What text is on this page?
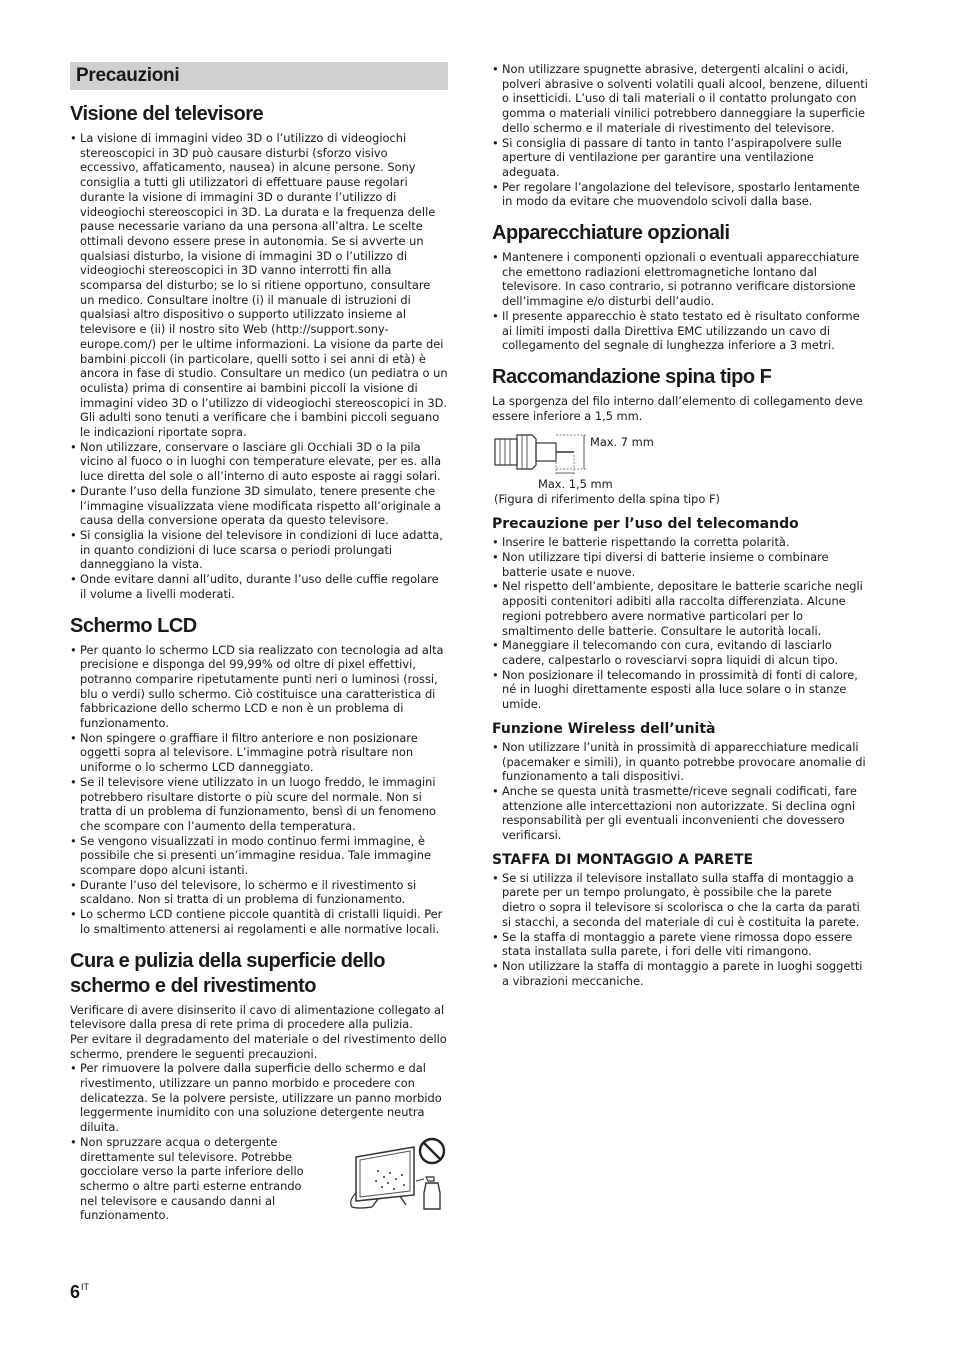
Precauzioni
Visione del televisore
• La visione di immagini video 3D o l’utilizzo di videogiochi stereoscopici in 3D può causare disturbi (sforzo visivo eccessivo, affaticamento, nausea) in alcune persone. Sony consiglia a tutti gli utilizzatori di effettuare pause regolari durante la visione di immagini 3D o durante l’utilizzo di videogiochi stereoscopici in 3D. La durata e la frequenza delle pause necessarie variano da una persona all’altra. Le scelte ottimali devono essere prese in autonomia. Se si avverte un qualsiasi disturbo, la visione di immagini 3D o l’utilizzo di videogiochi stereoscopici in 3D vanno interrotti fin alla scomparsa del disturbo; se lo si ritiene opportuno, consultare un medico. Consultare inoltre (i) il manuale di istruzioni di qualsiasi altro dispositivo o supporto utilizzato insieme al televisore e (ii) il nostro sito Web (http://support.sony-europe.com/) per le ultime informazioni. La visione da parte dei bambini piccoli (in particolare, quelli sotto i sei anni di età) è ancora in fase di studio. Consultare un medico (un pediatra o un oculista) prima di consentire ai bambini piccoli la visione di immagini video 3D o l’utilizzo di videogiochi stereoscopici in 3D. Gli adulti sono tenuti a verificare che i bambini piccoli seguano le indicazioni riportate sopra.
• Non utilizzare, conservare o lasciare gli Occhiali 3D o la pila vicino al fuoco o in luoghi con temperature elevate, per es. alla luce diretta del sole o all’interno di auto esposte ai raggi solari.
• Durante l’uso della funzione 3D simulato, tenere presente che l’immagine visualizzata viene modificata rispetto all’originale a causa della conversione operata da questo televisore.
• Si consiglia la visione del televisore in condizioni di luce adatta, in quanto condizioni di luce scarsa o periodi prolungati danneggiano la vista.
• Onde evitare danni all’udito, durante l’uso delle cuffie regolare il volume a livelli moderati.
Schermo LCD
• Per quanto lo schermo LCD sia realizzato con tecnologia ad alta precisione e disponga del 99,99% od oltre di pixel effettivi, potranno comparire ripetutamente punti neri o luminosi (rossi, blu o verdi) sullo schermo. Ciò costituisce una caratteristica di fabbricazione dello schermo LCD e non è un problema di funzionamento.
• Non spingere o graffiare il filtro anteriore e non posizionare oggetti sopra al televisore. L’immagine potrà risultare non uniforme o lo schermo LCD danneggiato.
• Se il televisore viene utilizzato in un luogo freddo, le immagini potrebbero risultare distorte o più scure del normale. Non si tratta di un problema di funzionamento, bensì di un fenomeno che scompare con l’aumento della temperatura.
• Se vengono visualizzati in modo continuo fermi immagine, è possibile che si presenti un’immagine residua. Tale immagine scompare dopo alcuni istanti.
• Durante l’uso del televisore, lo schermo e il rivestimento si scaldano. Non si tratta di un problema di funzionamento.
• Lo schermo LCD contiene piccole quantità di cristalli liquidi. Per lo smaltimento attenersi ai regolamenti e alle normative locali.
Cura e pulizia della superficie dello schermo e del rivestimento

Verificare di avere disinserito il cavo di alimentazione collegato al televisore dalla presa di rete prima di procedere alla pulizia.

Per evitare il degradamento del materiale o del rivestimento dello schermo, prendere le seguenti precauzioni.

• Per rimuovere la polvere dalla superficie dello schermo e dal rivestimento, utilizzare un panno morbido e procedere con delicatezza. Se la polvere persiste, utilizzare un panno morbido leggermente inumidito con una soluzione detergente neutra diluita.
• Non spruzzare acqua o detergente direttamente sul televisore. Potrebbe gocciolare verso la parte inferiore dello schermo o altre parti esterne entrando nel televisore e causando danni al funzionamento.
• Non utilizzare spugnette abrasive, detergenti alcalini o acidi, polveri abrasive o solventi volatili quali alcool, benzene, diluenti o insetticidi. L’uso di tali materiali o il contatto prolungato con gomma o materiali vinilici potrebbero danneggiare la superficie dello schermo e il materiale di rivestimento del televisore.
• Si consiglia di passare di tanto in tanto l’aspirapolvere sulle aperture di ventilazione per garantire una ventilazione adeguata.
• Per regolare l’angolazione del televisore, spostarlo lentamente in modo da evitare che muovendolo scivoli dalla base.
Apparecchiature opzionali
• Mantenere i componenti opzionali o eventuali apparecchiature che emettono radiazioni elettromagnetiche lontano dal televisore. In caso contrario, si potranno verificare distorsione dell’immagine e/o disturbi dell’audio.
• Il presente apparecchio è stato testato ed è risultato conforme ai limiti imposti dalla Direttiva EMC utilizzando un cavo di collegamento del segnale di lunghezza inferiore a 3 metri.
Raccomandazione spina tipo F

La sporgenza del filo interno dall’elemento di collegamento deve essere inferiore a 1,5 mm.

Max. 7 mm
Max. 1,5 mm
(Figura di riferimento della spina tipo F)
Precauzione per l’uso del telecomando
• Inserire le batterie rispettando la corretta polarità.
• Non utilizzare tipi diversi di batterie insieme o combinare batterie usate e nuove.
• Nel rispetto dell’ambiente, depositare le batterie scariche negli appositi contenitori adibiti alla raccolta differenziata. Alcune regioni potrebbero avere normative particolari per lo smaltimento delle batterie. Consultare le autorità locali.
• Maneggiare il telecomando con cura, evitando di lasciarlo cadere, calpestarlo o rovesciarvi sopra liquidi di alcun tipo.
• Non posizionare il telecomando in prossimità di fonti di calore, né in luoghi direttamente esposti alla luce solare o in stanze umide.
Funzione Wireless dell’unità
• Non utilizzare l’unità in prossimità di apparecchiature medicali (pacemaker e simili), in quanto potrebbe provocare anomalie di funzionamento a tali dispositivi.
• Anche se questa unità trasmette/riceve segnali codificati, fare attenzione alle intercettazioni non autorizzate. Si declina ogni responsabilità per gli eventuali inconvenienti che dovessero verificarsi.
STAFFA DI MONTAGGIO A PARETE
• Se si utilizza il televisore installato sulla staffa di montaggio a parete per un tempo prolungato, è possibile che la parete dietro o sopra il televisore si scolorisca o che la carta da parati si stacchi, a seconda del materiale di cui è costituita la parete.
• Se la staffa di montaggio a parete viene rimossa dopo essere stata installata sulla parete, i fori delle viti rimangono.
• Non utilizzare la staffa di montaggio a parete in luoghi soggetti a vibrazioni meccaniche.
$6^{IT}$
